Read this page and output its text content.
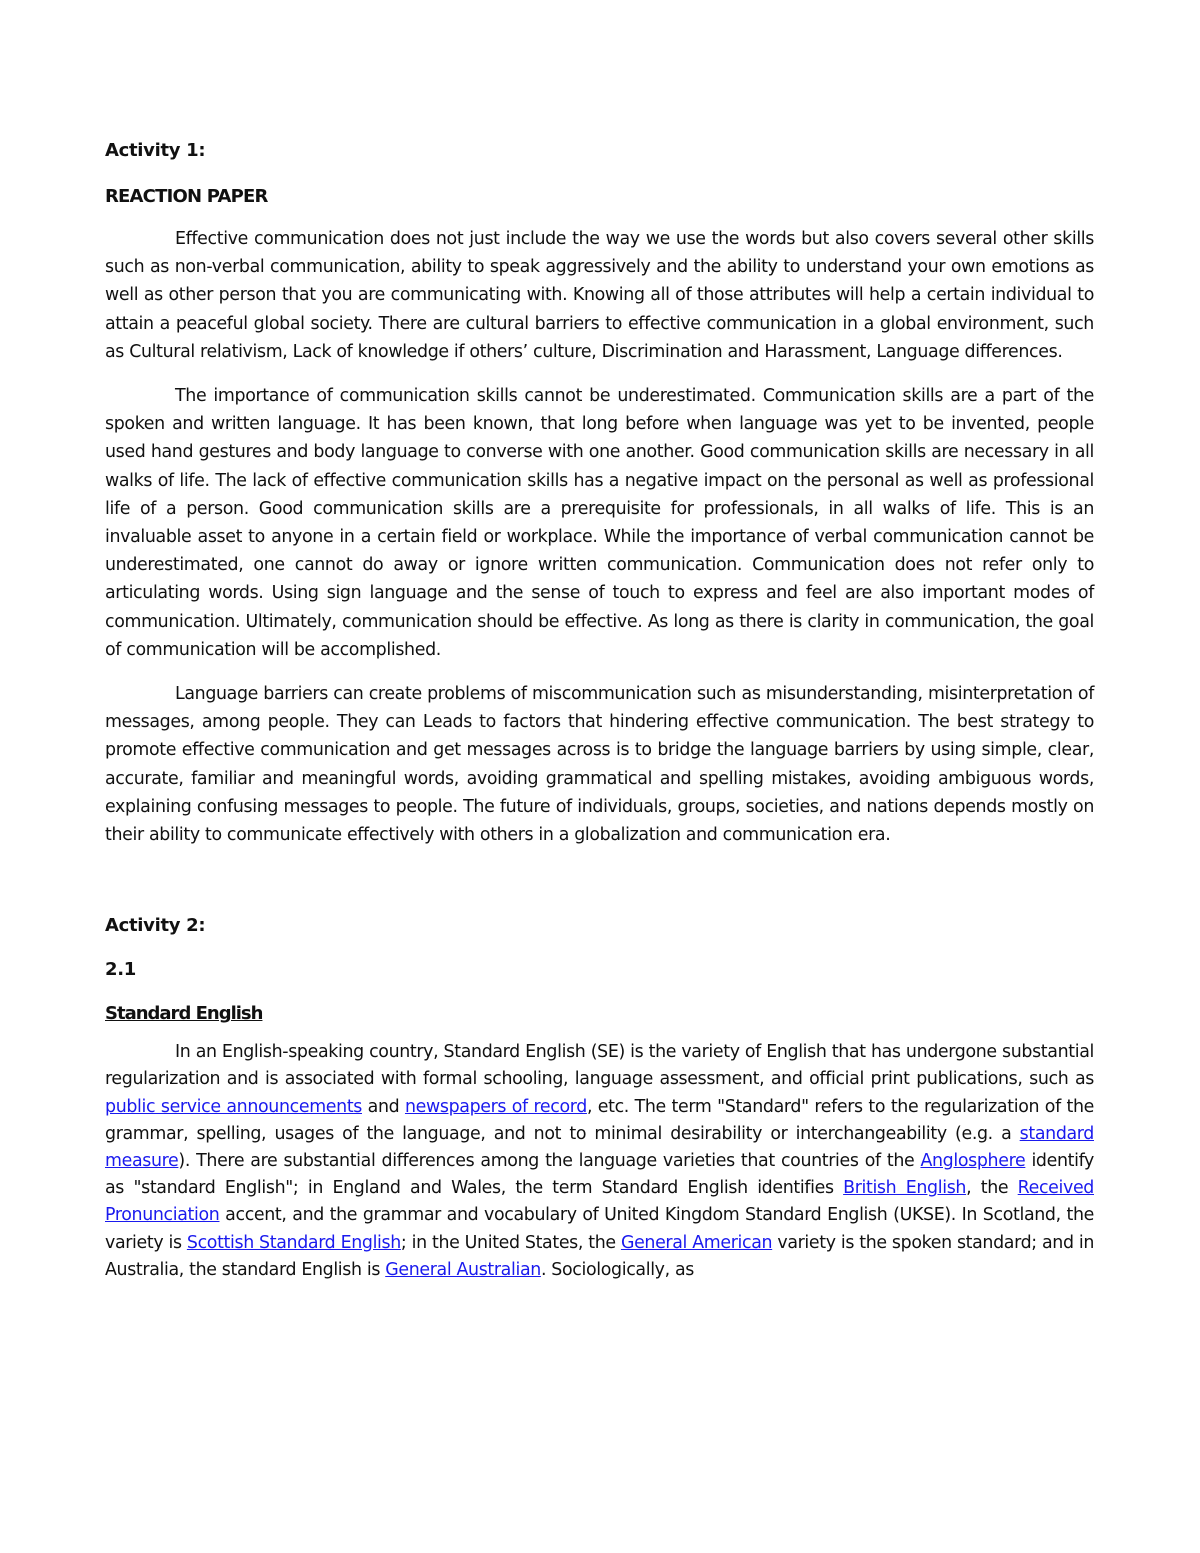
Activity 1:
REACTION PAPER

Effective communication does not just include the way we use the words but also covers several other skills such as non-verbal communication, ability to speak aggressively and the ability to understand your own emotions as well as other person that you are communicating with. Knowing all of those attributes will help a certain individual to attain a peaceful global society. There are cultural barriers to effective communication in a global environment, such as Cultural relativism, Lack of knowledge if others’ culture, Discrimination and Harassment, Language differences.

The importance of communication skills cannot be underestimated. Communication skills are a part of the spoken and written language. It has been known, that long before when language was yet to be invented, people used hand gestures and body language to converse with one another. Good communication skills are necessary in all walks of life. The lack of effective communication skills has a negative impact on the personal as well as professional life of a person. Good communication skills are a prerequisite for professionals, in all walks of life. This is an invaluable asset to anyone in a certain field or workplace. While the importance of verbal communication cannot be underestimated, one cannot do away or ignore written communication. Communication does not refer only to articulating words. Using sign language and the sense of touch to express and feel are also important modes of communication. Ultimately, communication should be effective. As long as there is clarity in communication, the goal of communication will be accomplished.

Language barriers can create problems of miscommunication such as misunderstanding, misinterpretation of messages, among people. They can Leads to factors that hindering effective communication. The best strategy to promote effective communication and get messages across is to bridge the language barriers by using simple, clear, accurate, familiar and meaningful words, avoiding grammatical and spelling mistakes, avoiding ambiguous words, explaining confusing messages to people. The future of individuals, groups, societies, and nations depends mostly on their ability to communicate effectively with others in a globalization and communication era.

Activity 2:
2.1
Standard English

In an English-speaking country, Standard English (SE) is the variety of English that has undergone substantial regularization and is associated with formal schooling, language assessment, and official print publications, such as public service announcements and newspapers of record, etc. The term "Standard" refers to the regularization of the grammar, spelling, usages of the language, and not to minimal desirability or interchangeability (e.g. a standard measure). There are substantial differences among the language varieties that countries of the Anglosphere identify as "standard English"; in England and Wales, the term Standard English identifies British English, the Received Pronunciation accent, and the grammar and vocabulary of United Kingdom Standard English (UKSE). In Scotland, the variety is Scottish Standard English; in the United States, the General American variety is the spoken standard; and in Australia, the standard English is General Australian. Sociologically, as
